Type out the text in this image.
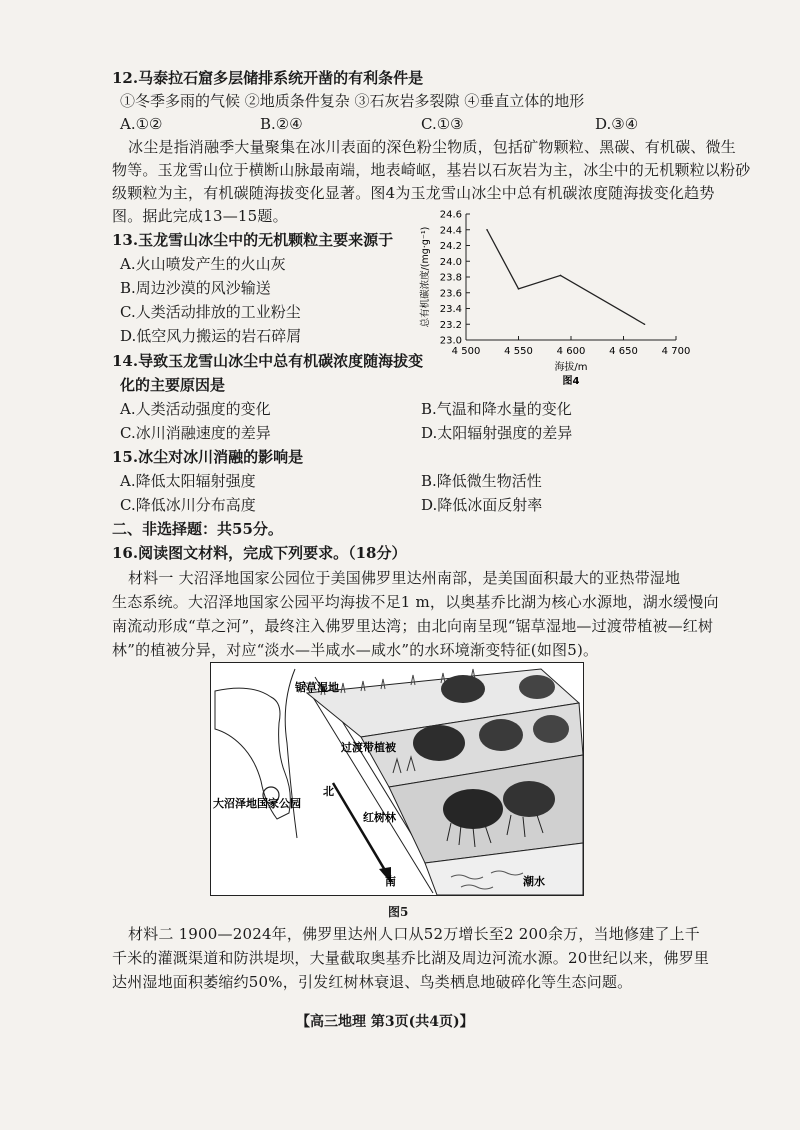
12.马泰拉石窟多层储排系统开凿的有利条件是
①冬季多雨的气候 ②地质条件复杂 ③石灰岩多裂隙 ④垂直立体的地形
A.①②	B.②④	C.①③	D.③④
冰尘是指消融季大量聚集在冰川表面的深色粉尘物质，包括矿物颗粒、黑碳、有机碳、微生
物等。玉龙雪山位于横断山脉最南端，地表崎岖，基岩以石灰岩为主，冰尘中的无机颗粒以粉砂
级颗粒为主，有机碳随海拔变化显著。图4为玉龙雪山冰尘中总有机碳浓度随海拔变化趋势
图。据此完成13—15题。
13.玉龙雪山冰尘中的无机颗粒主要来源于
A.火山喷发产生的火山灰
B.周边沙漠的风沙输送
C.人类活动排放的工业粉尘
D.低空风力搬运的岩石碎屑
14.导致玉龙雪山冰尘中总有机碳浓度随海拔变
化的主要原因是
A.人类活动强度的变化	B.气温和降水量的变化
C.冰川消融速度的差异	D.太阳辐射强度的差异
15.冰尘对冰川消融的影响是
A.降低太阳辐射强度	B.降低微生物活性
C.降低冰川分布高度	D.降低冰面反射率
二、非选择题：共55分。
16.阅读图文材料，完成下列要求。（18分）
材料一 大沼泽地国家公园位于美国佛罗里达州南部，是美国面积最大的亚热带湿地
生态系统。大沼泽地国家公园平均海拔不足1 m，以奥基乔比湖为核心水源地，湖水缓慢向
南流动形成“草之河”，最终注入佛罗里达湾；由北向南呈现“锯草湿地—过渡带植被—红树
林”的植被分异，对应“淡水—半咸水—咸水”的水环境渐变特征(如图5)。
23.0
23.2
23.4
23.6
23.8
24.0
24.2
24.4
24.6
4 500 4 550 4 600 4 650 4 700
总有机碳浓度/(mg·g⁻¹)
海拔/m
图4
锯草湿地
过渡带植被
红树林
大沼泽地国家公园
北
南	潮水
图5
材料二 1900—2024年，佛罗里达州人口从52万增长至2 200余万，当地修建了上千
千米的灌溉渠道和防洪堤坝，大量截取奥基乔比湖及周边河流水源。20世纪以来，佛罗里
达州湿地面积萎缩约50%，引发红树林衰退、鸟类栖息地破碎化等生态问题。
【高三地理 第3页(共4页)】
